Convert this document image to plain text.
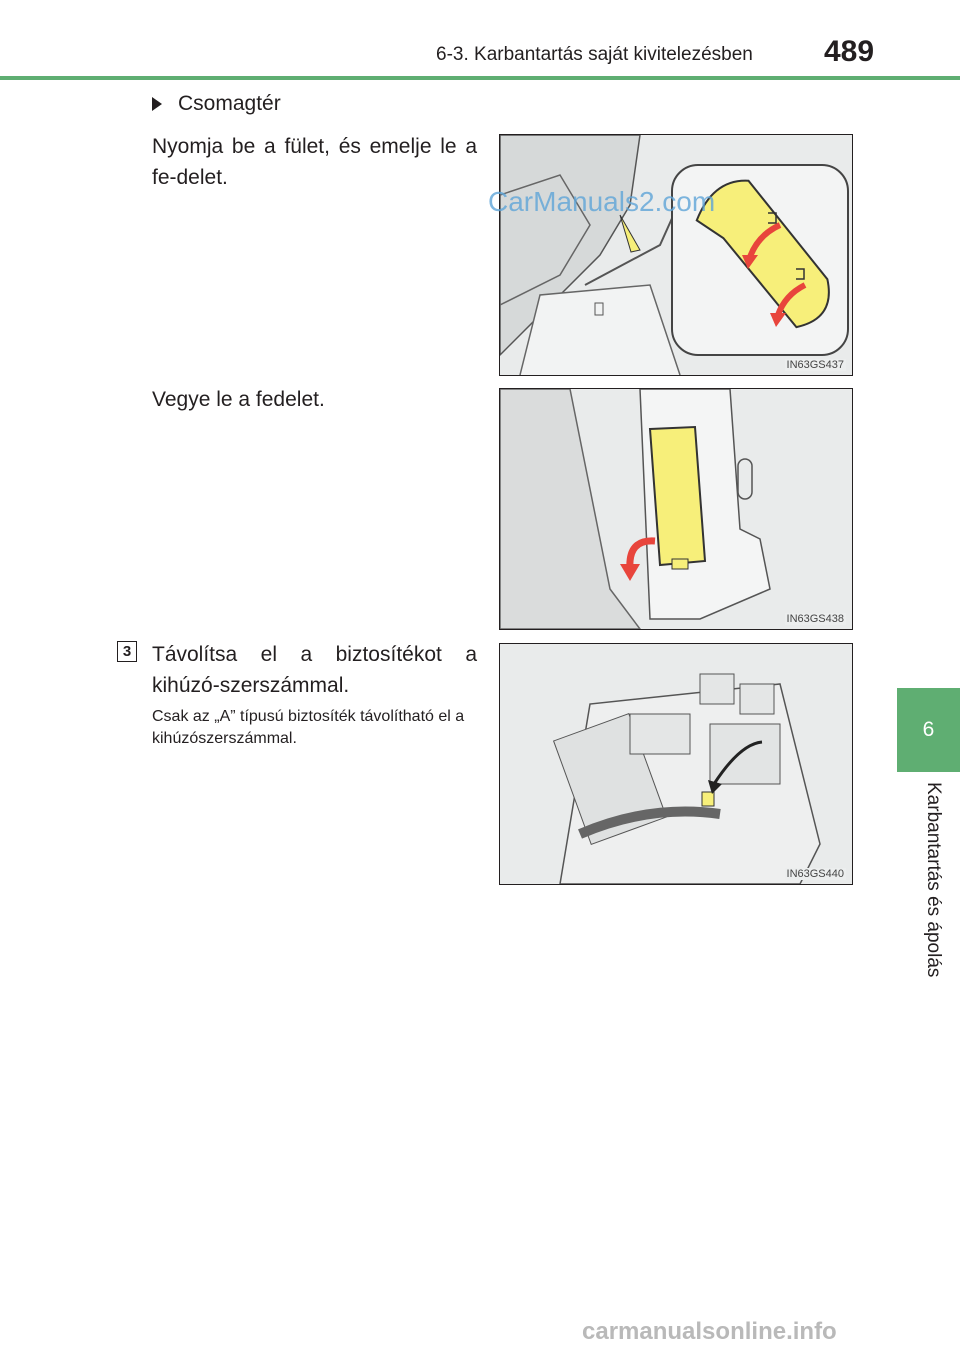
6-3. Karbantartás saját kivitelezésben	489
6
Karbantartás és ápolás
Csomagtér
Nyomja be a fület, és emelje le a fe-delet.
Vegye le a fedelet.
3 Távolítsa el a biztosítékot a kihúzó-szerszámmal.
Csak az „A” típusú biztosíték távolítható el a kihúzószerszámmal.
IN63GS437
CarManuals2.com
IN63GS438
IN63GS440
carmanualsonline.info
